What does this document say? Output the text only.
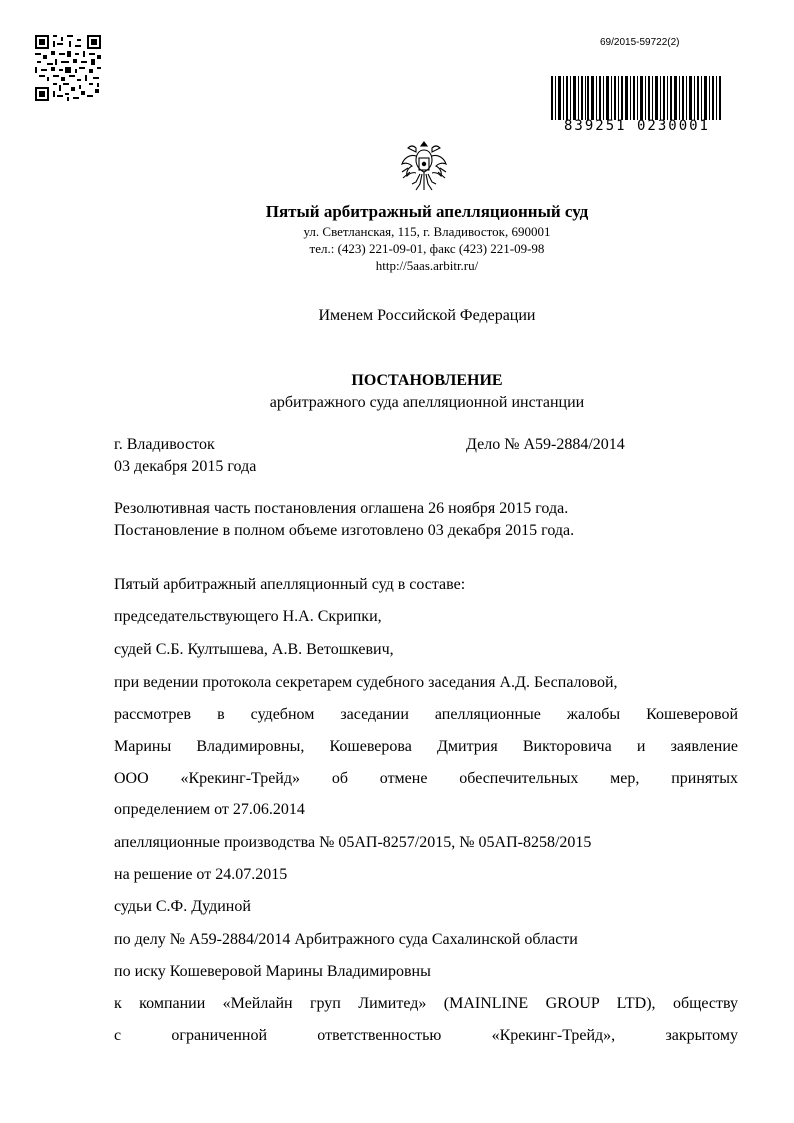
69/2015-59722(2)
839251 0230001
Пятый арбитражный апелляционный суд
ул. Светланская, 115, г. Владивосток, 690001
тел.: (423) 221-09-01, факс (423) 221-09-98
http://5aas.arbitr.ru/
Именем Российской Федерации
ПОСТАНОВЛЕНИЕ
арбитражного суда апелляционной инстанции
г. Владивосток	Дело № А59-2884/2014
03 декабря 2015 года
Резолютивная часть постановления оглашена 26 ноября 2015 года.
Постановление в полном объеме изготовлено 03 декабря 2015 года.
Пятый арбитражный апелляционный суд в составе:
председательствующего Н.А. Скрипки,
судей С.Б. Култышева, А.В. Ветошкевич,
при ведении протокола секретарем судебного заседания А.Д. Беспаловой,
рассмотрев в судебном заседании апелляционные жалобы Кошеверовой
Марины Владимировны, Кошеверова Дмитрия Викторовича и заявление
ООО «Крекинг-Трейд» об отмене обеспечительных мер, принятых
определением от 27.06.2014
апелляционные производства № 05АП-8257/2015, № 05АП-8258/2015
на решение от 24.07.2015
судьи С.Ф. Дудиной
по делу № А59-2884/2014 Арбитражного суда Сахалинской области
по иску Кошеверовой Марины Владимировны
к компании «Мейлайн груп Лимитед» (MAINLINE GROUP LTD), обществу
с ограниченной ответственностью «Крекинг-Трейд», закрытому
